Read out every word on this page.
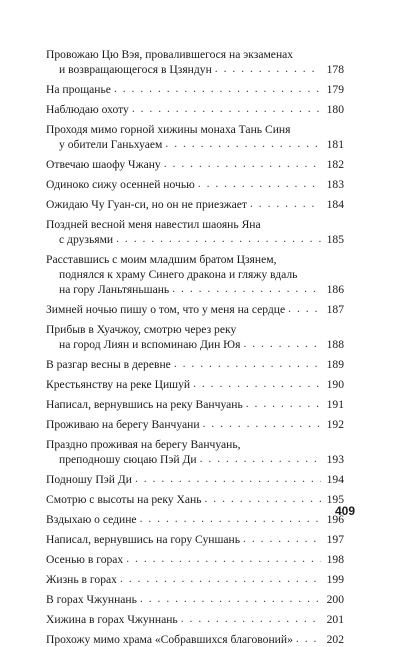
Провожаю Цю Вэя, провалившегося на экзаменах
и возвращающегося в Цзяндун . . .	178
На прощанье . . .	179
Наблюдаю охоту . . .	180
Проходя мимо горной хижины монаха Тань Синя
у обители Ганьхуаем . . .	181
Отвечаю шаофу Чжану . . .	182
Одиноко сижу осенней ночью . . .	183
Ожидаю Чу Гуан-си, но он не приезжает . . .	184
Поздней весной меня навестил шаоянь Яна
с друзьями . . .	185
Расставшись с моим младшим братом Цзянем,
поднялся к храму Синего дракона и гляжу вдаль
на гору Ланьтяньшань . . .	186
Зимней ночью пишу о том, что у меня на сердце . . .	187
Прибыв в Хуачжоу, смотрю через реку
на город Лиян и вспоминаю Дин Юя . . .	188
В разгар весны в деревне . . .	189
Крестьянству на реке Цишуй . . .	190
Написал, вернувшись на реку Ванчуань . . .	191
Проживаю на берегу Ванчуани . . .	192
Праздно проживая на берегу Ванчуань,
преподношу сюцаю Пэй Ди . . .	193
Подношу Пэй Ди . . .	194
Смотрю с высоты на реку Хань . . .	195
Вздыхаю о седине . . .	196
Написал, вернувшись на гору Суншань . . .	197
Осенью в горах . . .	198
Жизнь в горах . . .	199
В горах Чжуннань . . .	200
Хижина в горах Чжуннань . . .	201
Прохожу мимо храма «Собравшихся благовоний» . . .	202
409
